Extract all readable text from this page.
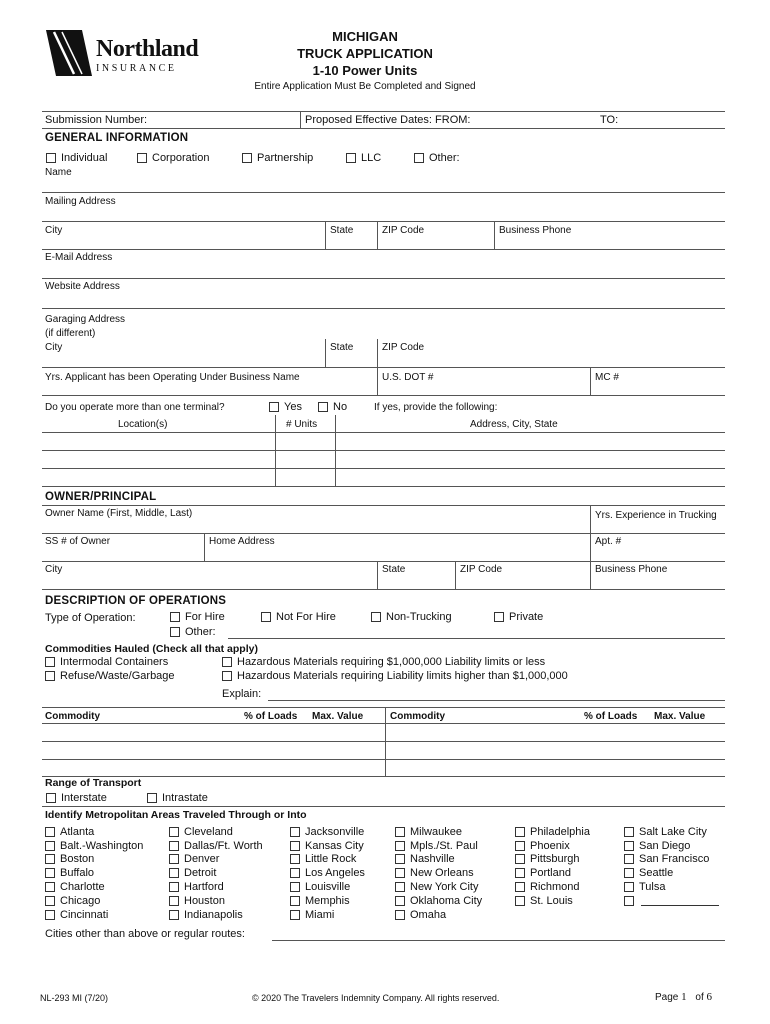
Northland
INSURANCE
MICHIGAN
TRUCK APPLICATION
1-10 Power Units
Entire Application Must Be Completed and Signed
Submission Number:	Proposed Effective Dates: FROM:	TO:
GENERAL INFORMATION
Individual	Corporation	Partnership	LLC	Other:
Name
Mailing Address
City	State	ZIP Code	Business Phone
E-Mail Address
Website Address
Garaging Address
(if different)
City	State	ZIP Code
Yrs. Applicant has been Operating Under Business Name	U.S. DOT #	MC #
Do you operate more than one terminal?	Yes	No	If yes, provide the following:
Location(s)	# Units	Address, City, State
OWNER/PRINCIPAL
Owner Name (First, Middle, Last)	Yrs. Experience in Trucking
SS # of Owner	Home Address	Apt. #
City	State	ZIP Code	Business Phone
DESCRIPTION OF OPERATIONS
Type of Operation:	For Hire	Not For Hire	Non-Trucking	Private
Other:
Commodities Hauled (Check all that apply)
Intermodal Containers
Refuse/Waste/Garbage
Hazardous Materials requiring $1,000,000 Liability limits or less
Hazardous Materials requiring Liability limits higher than $1,000,000
Explain:
Commodity	% of Loads Max. Value	Commodity	% of Loads Max. Value
Range of Transport
Interstate	Intrastate
Identify Metropolitan Areas Traveled Through or Into
Atlanta
Balt.-Washington
Boston
Buffalo
Charlotte
Chicago
Cincinnati
Cleveland
Dallas/Ft. Worth
Denver
Detroit
Hartford
Houston
Indianapolis
Jacksonville
Kansas City
Little Rock
Los Angeles
Louisville
Memphis
Miami
Milwaukee
Mpls./St. Paul
Nashville
New Orleans
New York City
Oklahoma City
Omaha
Philadelphia
Phoenix
Pittsburgh
Portland
Richmond
St. Louis
Salt Lake City
San Diego
San Francisco
Seattle
Tulsa
Cities other than above or regular routes:
NL-293 MI (7/20)	© 2020 The Travelers Indemnity Company. All rights reserved.	Page 1 of 6
